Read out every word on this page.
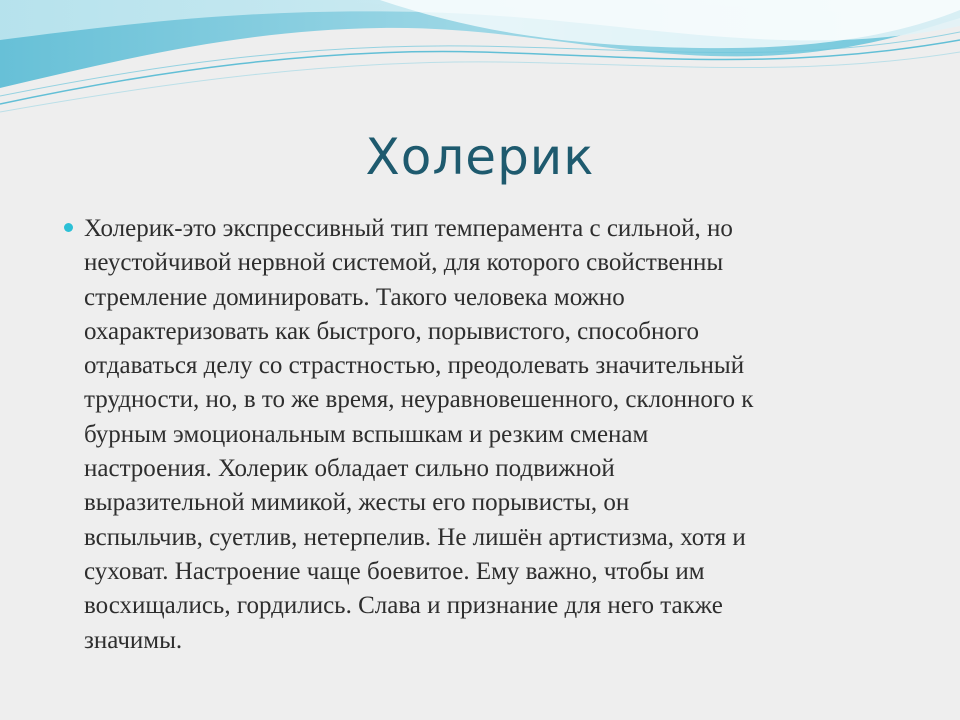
Холерик
Холерик-это экспрессивный тип темперамента с сильной, но
неустойчивой нервной системой, для которого свойственны
стремление доминировать. Такого человека можно
охарактеризовать как быстрого, порывистого, способного
отдаваться делу со страстностью, преодолевать значительный
трудности, но, в то же время, неуравновешенного, склонного к
бурным эмоциональным вспышкам и резким сменам
настроения. Холерик обладает сильно подвижной
выразительной мимикой, жесты его порывисты, он
вспыльчив, суетлив, нетерпелив. Не лишён артистизма, хотя и
суховат. Настроение чаще боевитое. Ему важно, чтобы им
восхищались, гордились. Слава и признание для него также
значимы.
